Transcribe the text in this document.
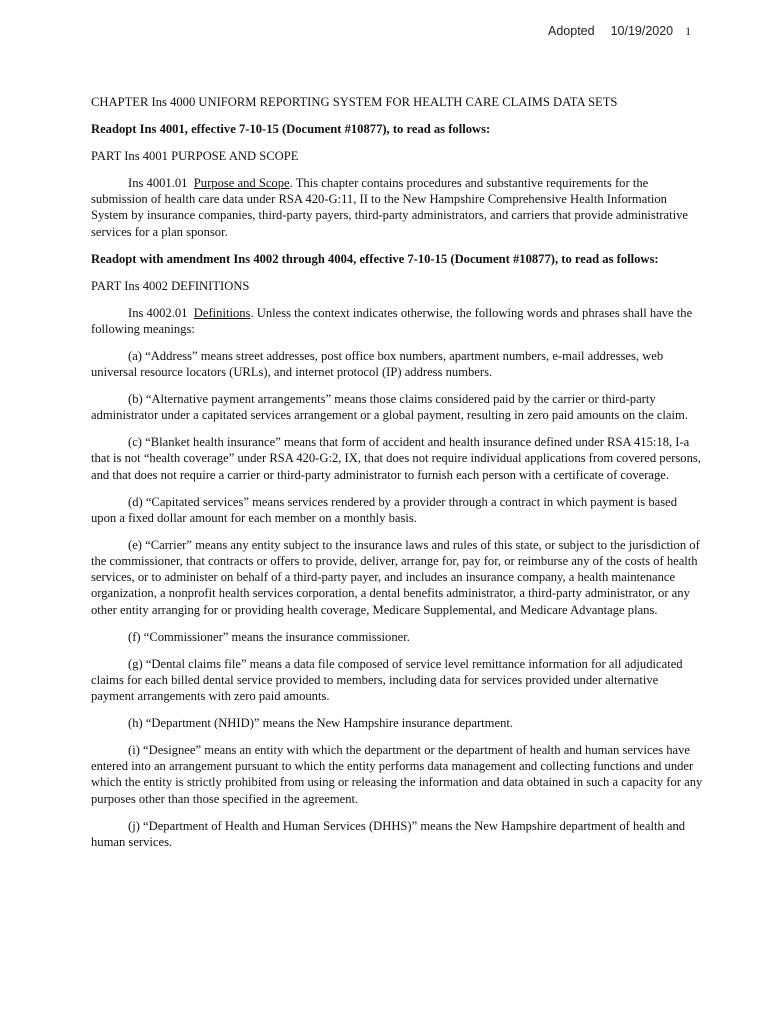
Adopted 10/19/2020 1

CHAPTER Ins 4000 UNIFORM REPORTING SYSTEM FOR HEALTH CARE CLAIMS DATA SETS

Readopt Ins 4001, effective 7-10-15 (Document #10877), to read as follows:

PART Ins 4001 PURPOSE AND SCOPE

Ins 4001.01 Purpose and Scope. This chapter contains procedures and substantive requirements for the submission of health care data under RSA 420-G:11, II to the New Hampshire Comprehensive Health Information System by insurance companies, third-party payers, third-party administrators, and carriers that provide administrative services for a plan sponsor.

Readopt with amendment Ins 4002 through 4004, effective 7-10-15 (Document #10877), to read as follows:

PART Ins 4002 DEFINITIONS

Ins 4002.01 Definitions. Unless the context indicates otherwise, the following words and phrases shall have the following meanings:

(a) “Address” means street addresses, post office box numbers, apartment numbers, e-mail addresses, web universal resource locators (URLs), and internet protocol (IP) address numbers.

(b) “Alternative payment arrangements” means those claims considered paid by the carrier or third-party administrator under a capitated services arrangement or a global payment, resulting in zero paid amounts on the claim.

(c) “Blanket health insurance” means that form of accident and health insurance defined under RSA 415:18, I-a that is not “health coverage” under RSA 420-G:2, IX, that does not require individual applications from covered persons, and that does not require a carrier or third-party administrator to furnish each person with a certificate of coverage.

(d) “Capitated services” means services rendered by a provider through a contract in which payment is based upon a fixed dollar amount for each member on a monthly basis.

(e) “Carrier” means any entity subject to the insurance laws and rules of this state, or subject to the jurisdiction of the commissioner, that contracts or offers to provide, deliver, arrange for, pay for, or reimburse any of the costs of health services, or to administer on behalf of a third-party payer, and includes an insurance company, a health maintenance organization, a nonprofit health services corporation, a dental benefits administrator, a third-party administrator, or any other entity arranging for or providing health coverage, Medicare Supplemental, and Medicare Advantage plans.

(f) “Commissioner” means the insurance commissioner.

(g) “Dental claims file” means a data file composed of service level remittance information for all adjudicated claims for each billed dental service provided to members, including data for services provided under alternative payment arrangements with zero paid amounts.

(h) “Department (NHID)” means the New Hampshire insurance department.

(i) “Designee” means an entity with which the department or the department of health and human services have entered into an arrangement pursuant to which the entity performs data management and collecting functions and under which the entity is strictly prohibited from using or releasing the information and data obtained in such a capacity for any purposes other than those specified in the agreement.

(j) “Department of Health and Human Services (DHHS)” means the New Hampshire department of health and human services.
